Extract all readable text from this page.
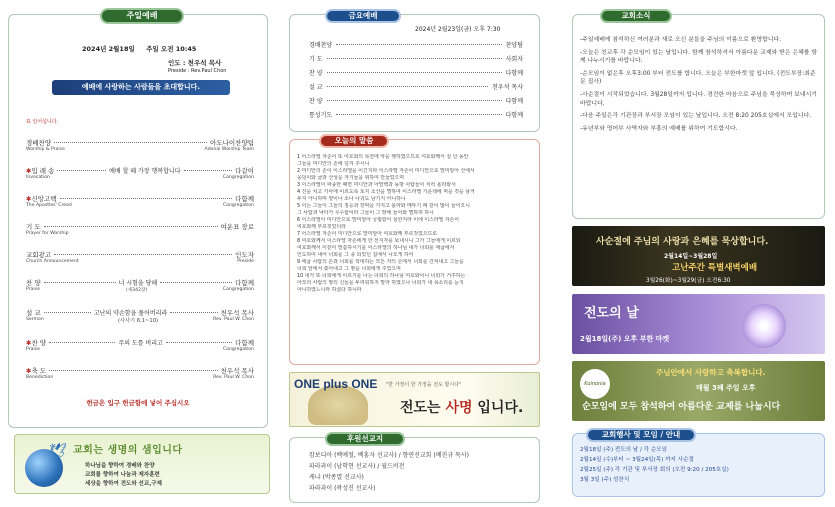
주일예배
2024년 2월18일 주일 오전 10:45
인도 : 천우석 목사
Preside : Rev.Paul Chon
예배에 사랑하는 사람들을 초대합니다.
표 일어섭니다.
경배찬양	아도나이찬양팀
Worship & Praise	Adonai Worship Team
✱ 입 례 송	예배 할 때 가장 행복합니다	다같이
Invocation	Congregation
✱ 신앙고백	다함께
The Apostles' Creed	Congregation
기 도	여운표 장로
Prayer for Worship
교회광고	인도자
Church Announcement	Preside
찬 양	너 시험을 당해	다함께
Praise	(새342장)	Congregation
설 교	고난의 약손함을 풀어버리라	천우석 목사
Sermon	(사사기 6:1~10)	Rev. Paul W. Chon
✱ 찬 양	주의 도를 버리고	다함께
Praise	Congregation
✱ 축 도	천우석 목사
Benediction	Rev. Paul W. Chon
헌금은 입구 헌금함에 넣어 주십시오
🕊 교회는 생명의 샘입니다
하나님을 향하여 경배와 찬양
교회를 향하여 나눔과 제자훈련
세상을 향하여 전도와 선교,구제
금요예배
2024년 2월23일(금) 오후 7:30
경배찬양	찬양팀
기 도	사회자
찬 양	다함께
설 교	천우석 목사
찬 양	다함께
통성기도	다함께
오늘의 말씀
1 이스라엘 자손이 또 여호와의 목전에 악을 행하였으므로 여호와께서 칠 년 동안
그들을 미디안의 손에 넘겨 주시니
2 미디안의 손이 이스라엘을 이긴지라 이스라엘 자손이 미디안으로 말미암아 산에서
웅덩이와 굴과 산성을 자기들을 위하여 만들었으며
3 이스라엘이 파종한 때면 미디안과 아말렉과 동방 사람들이 치러 올라와서
4 진을 치고 가사에 이르도록 토지 소산을 멸하여 이스라엘 가운데에 먹을 것을 남겨
두지 아니하며 양이나 소나 나귀도 남기지 아니하니
5 이는 그들이 그들의 짐승과 장막을 가지고 올라와 메뚜기 떼 같이 많이 들어오니
그 사람과 낙타가 무수함이라 그들이 그 땅에 들어와 멸하려 하니
6 이스라엘이 미디안으로 말미암아 궁핍함이 심한지라 이에 이스라엘 자손이
여호와께 부르짖었더라
7 이스라엘 자손이 미디안으로 말미암아 여호와께 부르짖었으므로
8 여호와께서 이스라엘 자손에게 한 선지자를 보내시니 그가 그들에게 이르되
여호와께서 이같이 말씀하시기를 이스라엘의 하나님 내가 너희를 애굽에서
인도하여 내어 너희를 그 종 되었던 집에서 나오게 하여
9 애굽 사람의 손과 너희를 학대하는 모든 자의 손에서 너희를 건져내고 그들을
너희 앞에서 쫓아내고 그 땅을 너희에게 주었으며
10 내가 또 너희에게 이르기를 나는 너희의 하나님 여호와이니 너희가 거주하는
아모리 사람의 땅의 신들을 두려워하지 말라 하였으나 너희가 내 목소리를 듣지
아니하였느니라 하셨다 하니라
ONE plus ONE "한 가정이 한 가정을 전도 합시다"
전도는 사명 입니다.
후원선교지
캄보디아 (백예철, 백홍자 선교사) / 향연선교회 (베진규 목사)
파라과이 (남학현 선교사) / 월드비전
케냐 (박종열 선교사)
파라과이 (곽성진 선교사)
교회소식
-주일예배에 참석하신 여러분과 새로 오신 분들을 주님의 이름으로 환영합니다.
-오늘은 친교후 각 순모임이 있는 날입니다. 함께 참석하셔서 아름다운 교제와 받은 은혜를 함께 나누시기를 바랍니다.
-순모임이 없은후 오후3:00 부터 전도를 합니다. 오늘은 부한마켓 앞 입니다. (전도부장:최준문 집사)
-사순절이 시작되었습니다. 3월28일까지 입니다. 경건한 마음으로 주님을 묵상하며 보내시기 바랍니다.
-다음 주일은각 기관장과 부서장 모임이 있는 날입니다. 오전 8:20 205호실에서 모입니다.
-유년부와 영어부 사역자와 부흥의 예배를 위하여 기도합시다.
사순절에 주님의 사랑과 은혜를 묵상합니다.
2월14일~3월28일
고난주간 특별새벽예배
3월26(화)~3월29(금) 오전6:30
전도의 날
2월18일(주) 오후 부한 마켓
Koinonia
주님안에서 사랑하고 축복합니다.
매월 3째 주일 오후
순모임에 모두 참석하여 아름다운 교제를 나눕시다
교회행사 및 모임 / 안내
2월18일 (주) 전도의 날 / 각 순모임
2월14일 (수)부터 ~ 3월24일(목) 까지 사순절
2월25일 (주) 각 기관 및 부서장 회의 (오전 9:20 / 205호실)
3월 3일 (주) 성찬식
